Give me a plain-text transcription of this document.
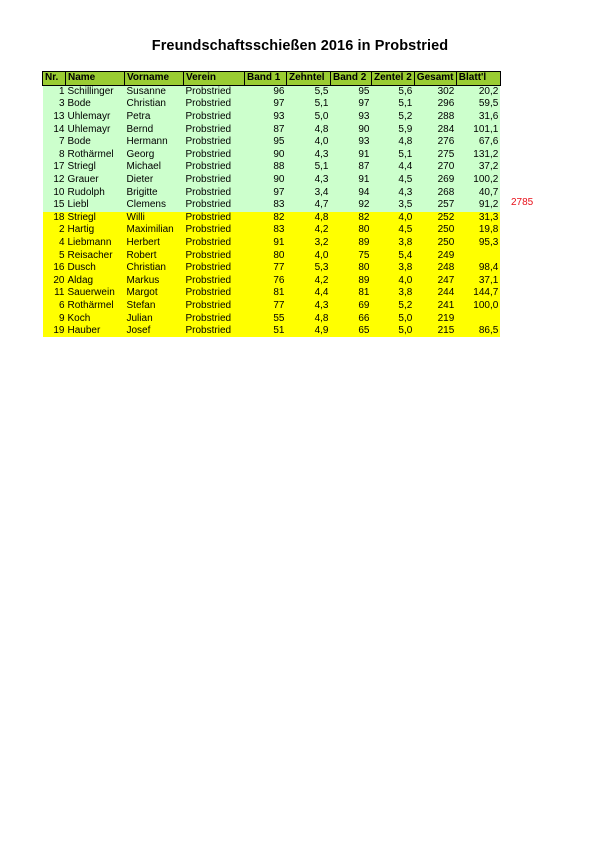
Freundschaftsschießen 2016 in Probstried
Nr.	Name	Vorname	Verein	Band 1	Zehntel	Band 2	Zentel 2	Gesamt	Blatt'l
1	Schillinger	Susanne	Probstried	96	5,5	95	5,6	302	20,2
3	Bode	Christian	Probstried	97	5,1	97	5,1	296	59,5
13	Uhlemayr	Petra	Probstried	93	5,0	93	5,2	288	31,6
14	Uhlemayr	Bernd	Probstried	87	4,8	90	5,9	284	101,1
7	Bode	Hermann	Probstried	95	4,0	93	4,8	276	67,6
8	Rothärmel	Georg	Probstried	90	4,3	91	5,1	275	131,2
17	Striegl	Michael	Probstried	88	5,1	87	4,4	270	37,2
12	Grauer	Dieter	Probstried	90	4,3	91	4,5	269	100,2
10	Rudolph	Brigitte	Probstried	97	3,4	94	4,3	268	40,7
15	Liebl	Clemens	Probstried	83	4,7	92	3,5	257	91,2
18	Striegl	Willi	Probstried	82	4,8	82	4,0	252	31,3
2	Hartig	Maximilian	Probstried	83	4,2	80	4,5	250	19,8
4	Liebmann	Herbert	Probstried	91	3,2	89	3,8	250	95,3
5	Reisacher	Robert	Probstried	80	4,0	75	5,4	249	
16	Dusch	Christian	Probstried	77	5,3	80	3,8	248	98,4
20	Aldag	Markus	Probstried	76	4,2	89	4,0	247	37,1
11	Sauerwein	Margot	Probstried	81	4,4	81	3,8	244	144,7
6	Rothärmel	Stefan	Probstried	77	4,3	69	5,2	241	100,0
9	Koch	Julian	Probstried	55	4,8	66	5,0	219	
19	Hauber	Josef	Probstried	51	4,9	65	5,0	215	86,5
2785
